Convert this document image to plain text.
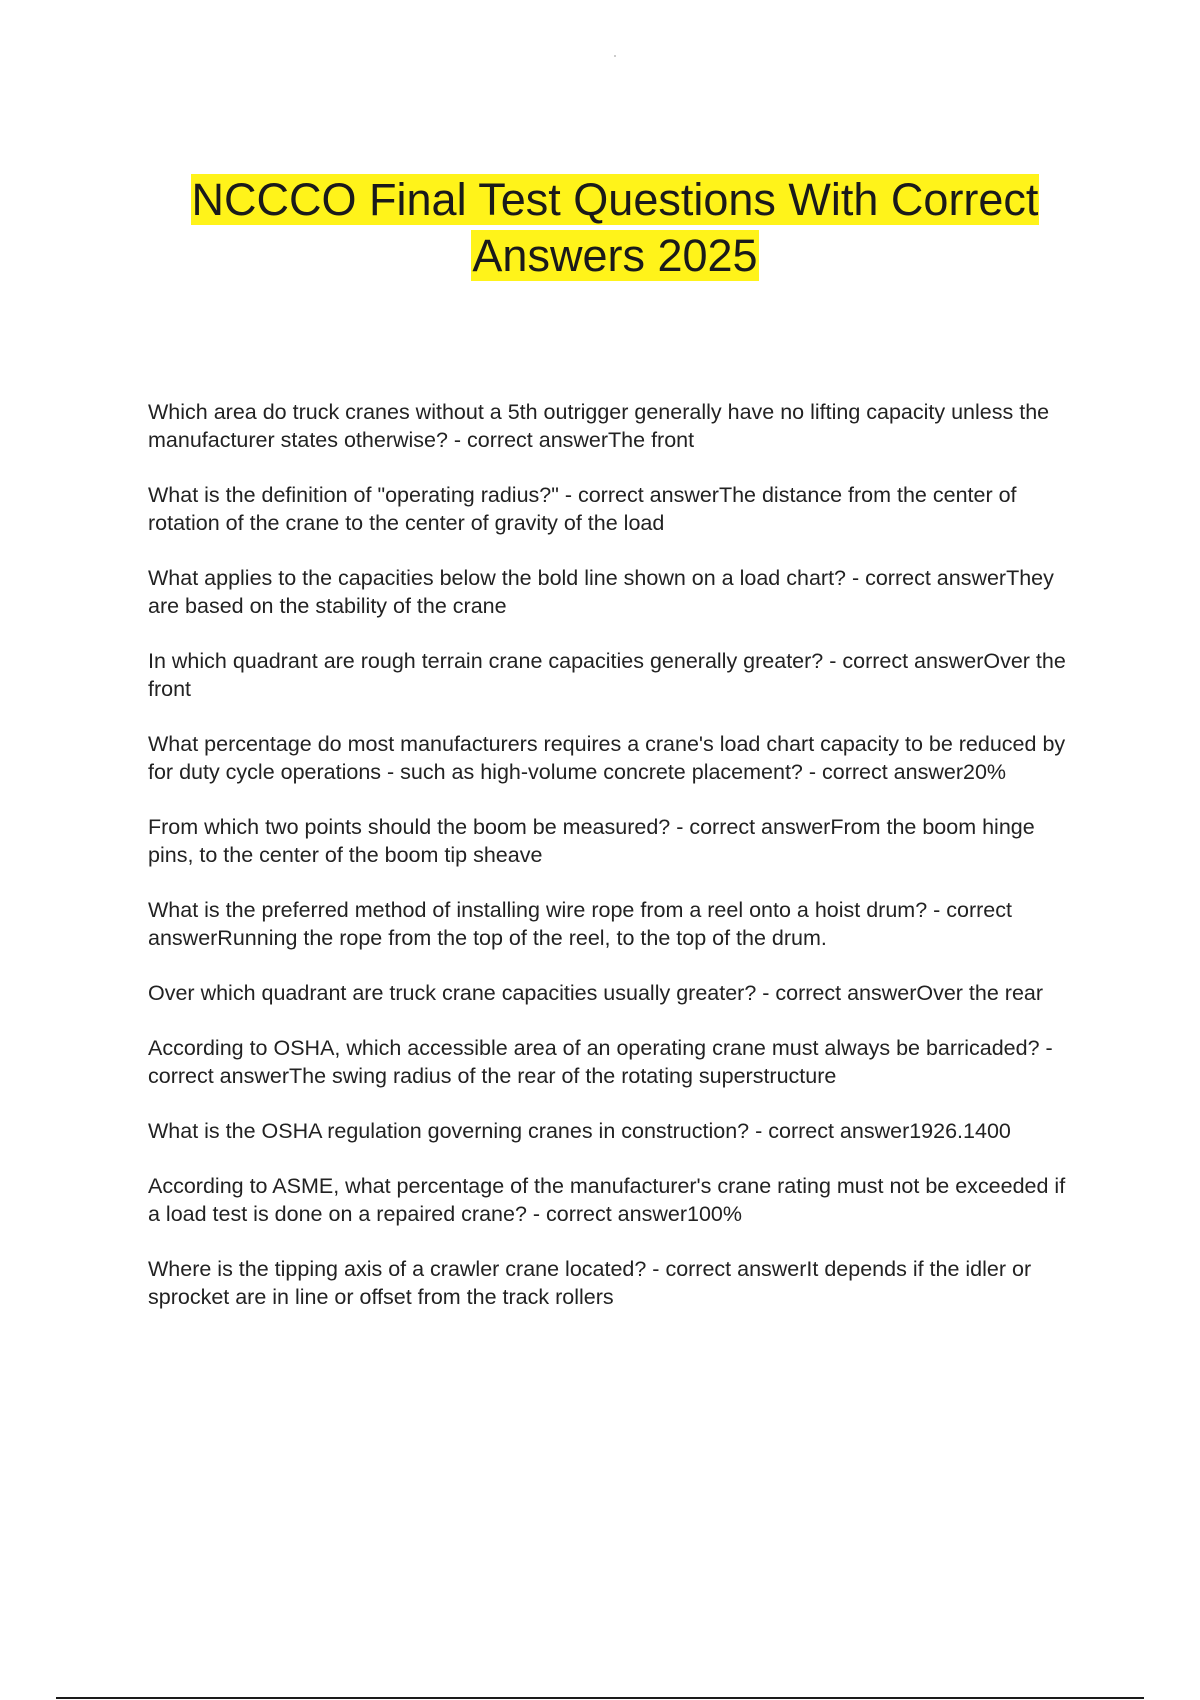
NCCCO Final Test Questions With Correct
Answers 2025

Which area do truck cranes without a 5th outrigger generally have no lifting capacity unless the manufacturer states otherwise? - correct answerThe front

What is the definition of "operating radius?" - correct answerThe distance from the center of rotation of the crane to the center of gravity of the load

What applies to the capacities below the bold line shown on a load chart? - correct answerThey are based on the stability of the crane

In which quadrant are rough terrain crane capacities generally greater? - correct answerOver the front

What percentage do most manufacturers requires a crane's load chart capacity to be reduced by for duty cycle operations - such as high-volume concrete placement? - correct answer20%

From which two points should the boom be measured? - correct answerFrom the boom hinge pins, to the center of the boom tip sheave

What is the preferred method of installing wire rope from a reel onto a hoist drum? - correct answerRunning the rope from the top of the reel, to the top of the drum.

Over which quadrant are truck crane capacities usually greater? - correct answerOver the rear

According to OSHA, which accessible area of an operating crane must always be barricaded? - correct answerThe swing radius of the rear of the rotating superstructure

What is the OSHA regulation governing cranes in construction? - correct answer1926.1400

According to ASME, what percentage of the manufacturer's crane rating must not be exceeded if a load test is done on a repaired crane? - correct answer100%

Where is the tipping axis of a crawler crane located? - correct answerIt depends if the idler or sprocket are in line or offset from the track rollers
